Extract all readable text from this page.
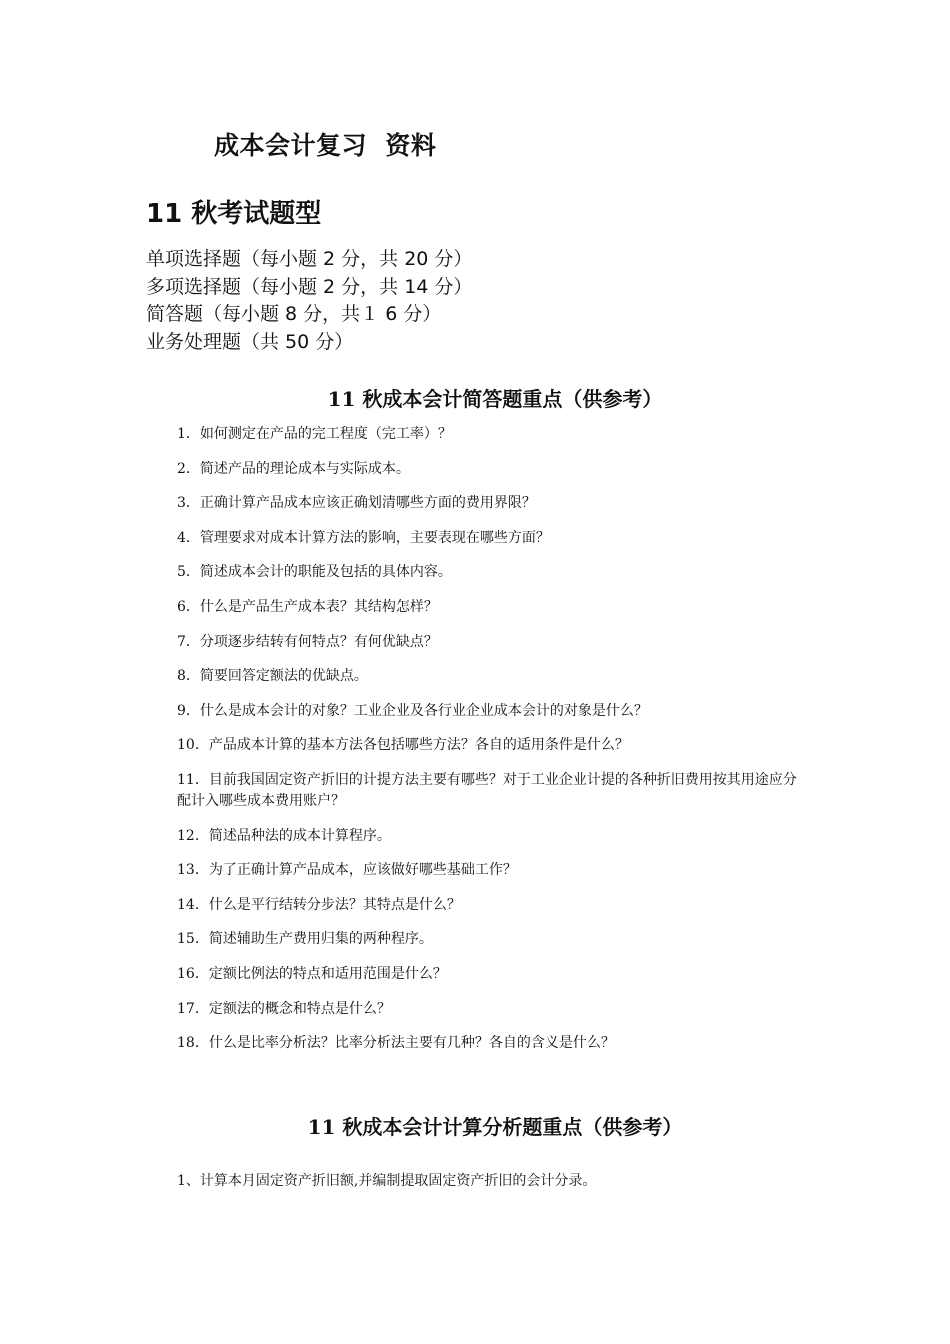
成本会计复习  资料
11 秋考试题型
单项选择题（每小题 2 分，共 20 分）
多项选择题（每小题 2 分，共 14 分）
简答题（每小题 8 分，共１ 6 分）
业务处理题（共 50 分）
11 秋成本会计简答题重点（供参考）
1．如何测定在产品的完工程度（完工率）？
2．简述产品的理论成本与实际成本。
3．正确计算产品成本应该正确划清哪些方面的费用界限？
4．管理要求对成本计算方法的影响，主要表现在哪些方面？
5．简述成本会计的职能及包括的具体内容。
6．什么是产品生产成本表？其结构怎样？
7．分项逐步结转有何特点？有何优缺点？
8．简要回答定额法的优缺点。
9．什么是成本会计的对象？工业企业及各行业企业成本会计的对象是什么？
10．产品成本计算的基本方法各包括哪些方法？各自的适用条件是什么？
11．目前我国固定资产折旧的计提方法主要有哪些？对于工业企业计提的各种折旧费用按其用途应分配计入哪些成本费用账户？
12．简述品种法的成本计算程序。
13．为了正确计算产品成本，应该做好哪些基础工作？
14．什么是平行结转分步法？其特点是什么？
15．简述辅助生产费用归集的两种程序。
16．定额比例法的特点和适用范围是什么？
17．定额法的概念和特点是什么？
18．什么是比率分析法？比率分析法主要有几种？各自的含义是什么？
11 秋成本会计计算分析题重点（供参考）

1、计算本月固定资产折旧额,并编制提取固定资产折旧的会计分录。
